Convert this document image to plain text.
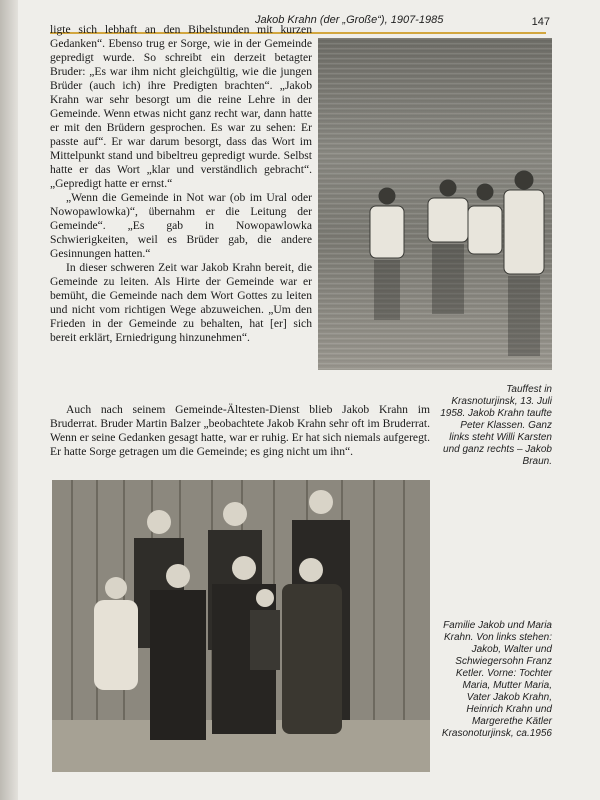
Jakob Krahn (der „Große“), 1907-1985	147

ligte sich lebhaft an den Bibelstunden mit kurzen Gedanken“. Ebenso trug er Sorge, wie in der Gemeinde gepredigt wurde. So schreibt ein derzeit betagter Bruder: „Es war ihm nicht gleichgültig, wie die jungen Brüder (auch ich) ihre Predigten brachten“. „Jakob Krahn war sehr besorgt um die reine Lehre in der Gemeinde. Wenn etwas nicht ganz recht war, dann hatte er mit den Brüdern gesprochen. Es war zu sehen: Er passte auf“. Er war darum besorgt, dass das Wort im Mittelpunkt stand und bibeltreu gepredigt wurde. Selbst hatte er das Wort „klar und verständlich gebracht“. „Gepredigt hatte er ernst.“

„Wenn die Gemeinde in Not war (ob im Ural oder Nowopawlowka)“, übernahm er die Leitung der Gemeinde“. „Es gab in Nowopawlowka Schwierigkeiten, weil es Brüder gab, die andere Gesinnungen hatten.“

In dieser schweren Zeit war Jakob Krahn bereit, die Gemeinde zu leiten. Als Hirte der Gemeinde war er bemüht, die Gemeinde nach dem Wort Gottes zu leiten und nicht vom richtigen Wege abzuweichen. „Um den Frieden in der Gemeinde zu behalten, hat [er] sich bereit erklärt, Erniedrigung hinzunehmen“.

Auch nach seinem Gemeinde-Ältesten-Dienst blieb Jakob Krahn im Bruderrat. Bruder Martin Balzer „beobachtete Jakob Krahn sehr oft im Bruderrat. Wenn er seine Gedanken gesagt hatte, war er ruhig. Er hat sich niemals aufgeregt. Er hatte Sorge getragen um die Gemeinde; es ging nicht um ihn“.

Tauffest in Krasnoturjinsk, 13. Juli 1958. Jakob Krahn taufte Peter Klassen. Ganz links steht Willi Karsten und ganz rechts – Jakob Braun.
Familie Jakob und Maria Krahn. Von links stehen: Jakob, Walter und Schwiegersohn Franz Ketler. Vorne: Tochter Maria, Mutter Maria, Vater Jakob Krahn, Heinrich Krahn und Margerethe Kätler Krasonoturjinsk, ca.1956
